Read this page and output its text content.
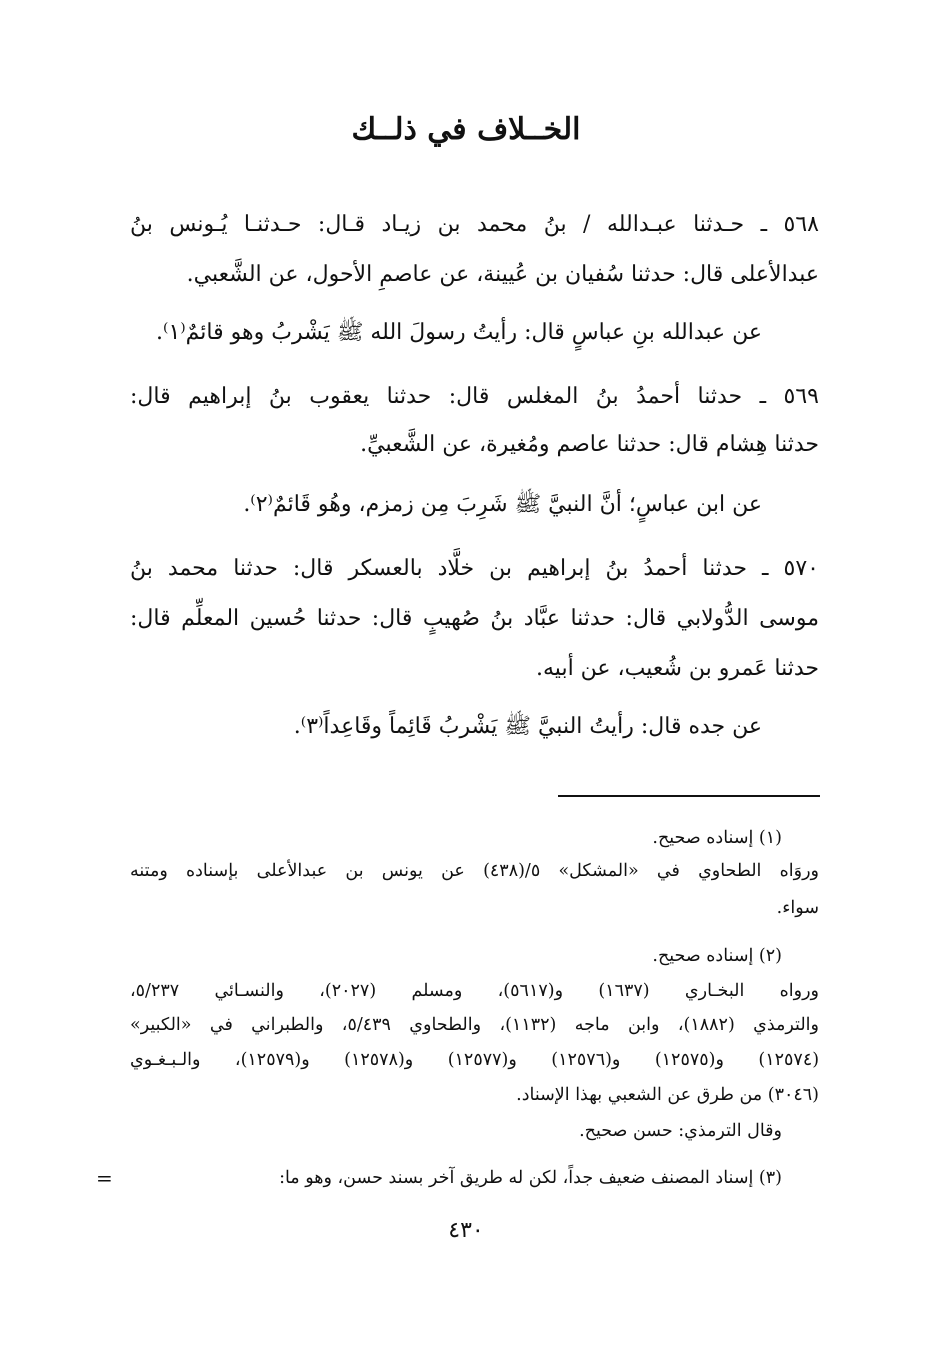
الخــلاف في ذلــك
٥٦٨ ـ حـدثنا عبـدالله / بنُ محمد بن زيـاد قـال: حـدثنـا يُـونس بنُ
عبدالأعلى قال: حدثنا سُفيان بن عُيينة، عن عاصمِ الأحول، عن الشَّعبي.
عن عبدالله بنِ عباسٍ قال: رأيتُ رسولَ الله ﷺ يَشْربُ وهو قائمٌ⁽١⁾.
٥٦٩ ـ حدثنا أحمدُ بنُ المغلس قال: حدثنا يعقوب بنُ إبراهيم قال:
حدثنا هِشام قال: حدثنا عاصم ومُغيرة، عن الشَّعبيِّ.
عن ابن عباسٍ؛ أنَّ النبيَّ ﷺ شَرِبَ مِن زمزم، وهُو قَائمٌ⁽٢⁾.
٥٧٠ ـ حدثنا أحمدُ بنُ إبراهيم بن خلَّاد بالعسكر قال: حدثنا محمد بنُ
موسى الدُّولابي قال: حدثنا عبَّاد بنُ صُهيبٍ قال: حدثنا حُسين المعلِّم قال:
حدثنا عَمرو بن شُعيب، عن أبيه.
عن جده قال: رأيتُ النبيَّ ﷺ يَشْربُ قَائِماً وقَاعِداً⁽٣⁾.
(١) إسناده صحيح.
وروَاه الطحاوي في «المشكل» ٥/(٤٣٨) عن يونس بن عبدالأعلى بإسناده ومتنه
سواء.
(٢) إسناده صحيح.
ورواه البخـاري (١٦٣٧) و(٥٦١٧)، ومسلم (٢٠٢٧)، والنسـائي ٥/٢٣٧،
والترمذي (١٨٨٢)، وابن ماجه (١١٣٢)، والطحاوي ٥/٤٣٩، والطبراني في «الكبير»
(١٢٥٧٤) و(١٢٥٧٥) و(١٢٥٧٦) و(١٢٥٧٧) و(١٢٥٧٨) و(١٢٥٧٩)، والـبـغـوي
(٣٠٤٦) من طرق عن الشعبي بهذا الإسناد.
وقال الترمذي: حسن صحيح.
(٣) إسناد المصنف ضعيف جداً، لكن له طريق آخر بسند حسن، وهو ما:
=
٤٣٠
